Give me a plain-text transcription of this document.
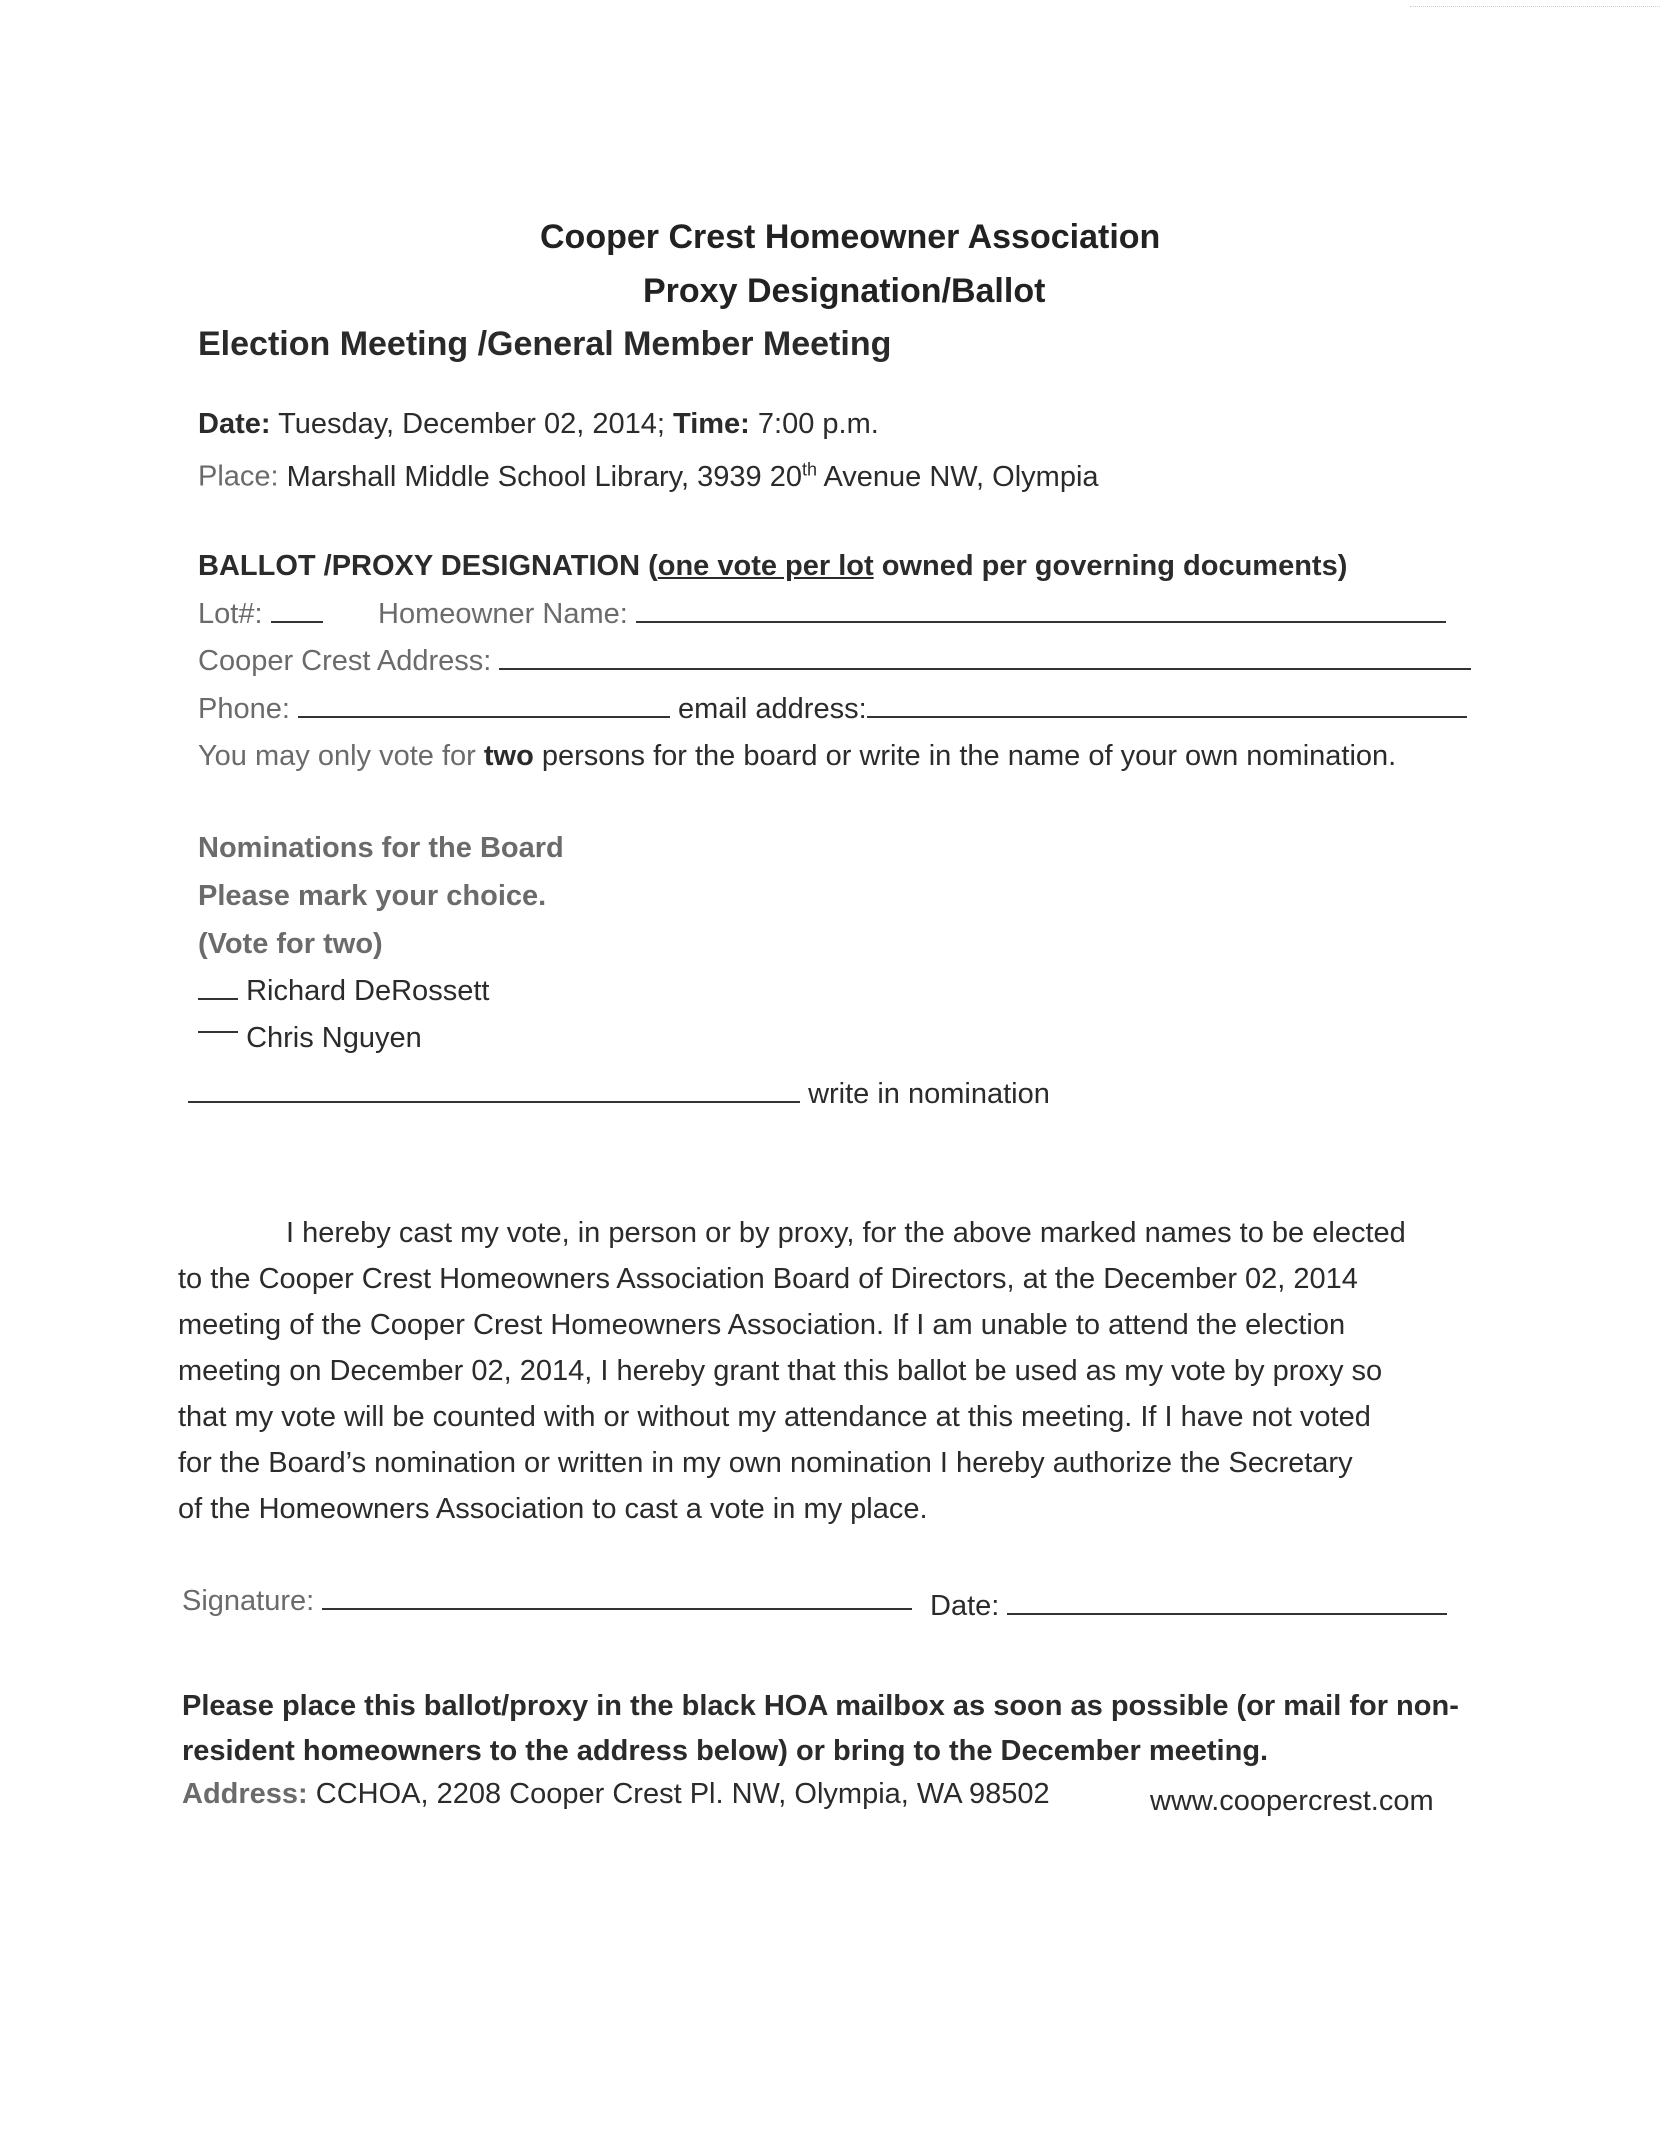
Cooper Crest Homeowner Association
Proxy Designation/Ballot
Election Meeting /General Member Meeting
Date: Tuesday, December 02, 2014; Time: 7:00 p.m.
Place: Marshall Middle School Library, 3939 20th Avenue NW, Olympia
BALLOT /PROXY DESIGNATION (one vote per lot owned per governing documents)
Lot#:	Homeowner Name:
Cooper Crest Address:
Phone:	email address:
You may only vote for two persons for the board or write in the name of your own nomination.
Nominations for the Board
Please mark your choice.
(Vote for two)
Richard DeRossett
Chris Nguyen
write in nomination

I hereby cast my vote, in person or by proxy, for the above marked names to be elected

to the Cooper Crest Homeowners Association Board of Directors, at the December 02, 2014

meeting of the Cooper Crest Homeowners Association. If I am unable to attend the election

meeting on December 02, 2014, I hereby grant that this ballot be used as my vote by proxy so

that my vote will be counted with or without my attendance at this meeting. If I have not voted

for the Board’s nomination or written in my own nomination I hereby authorize the Secretary

of the Homeowners Association to cast a vote in my place.

Signature:	Date:
Please place this ballot/proxy in the black HOA mailbox as soon as possible (or mail for non-
resident homeowners to the address below) or bring to the December meeting.
Address: CCHOA, 2208 Cooper Crest Pl. NW, Olympia, WA 98502	www.coopercrest.com
